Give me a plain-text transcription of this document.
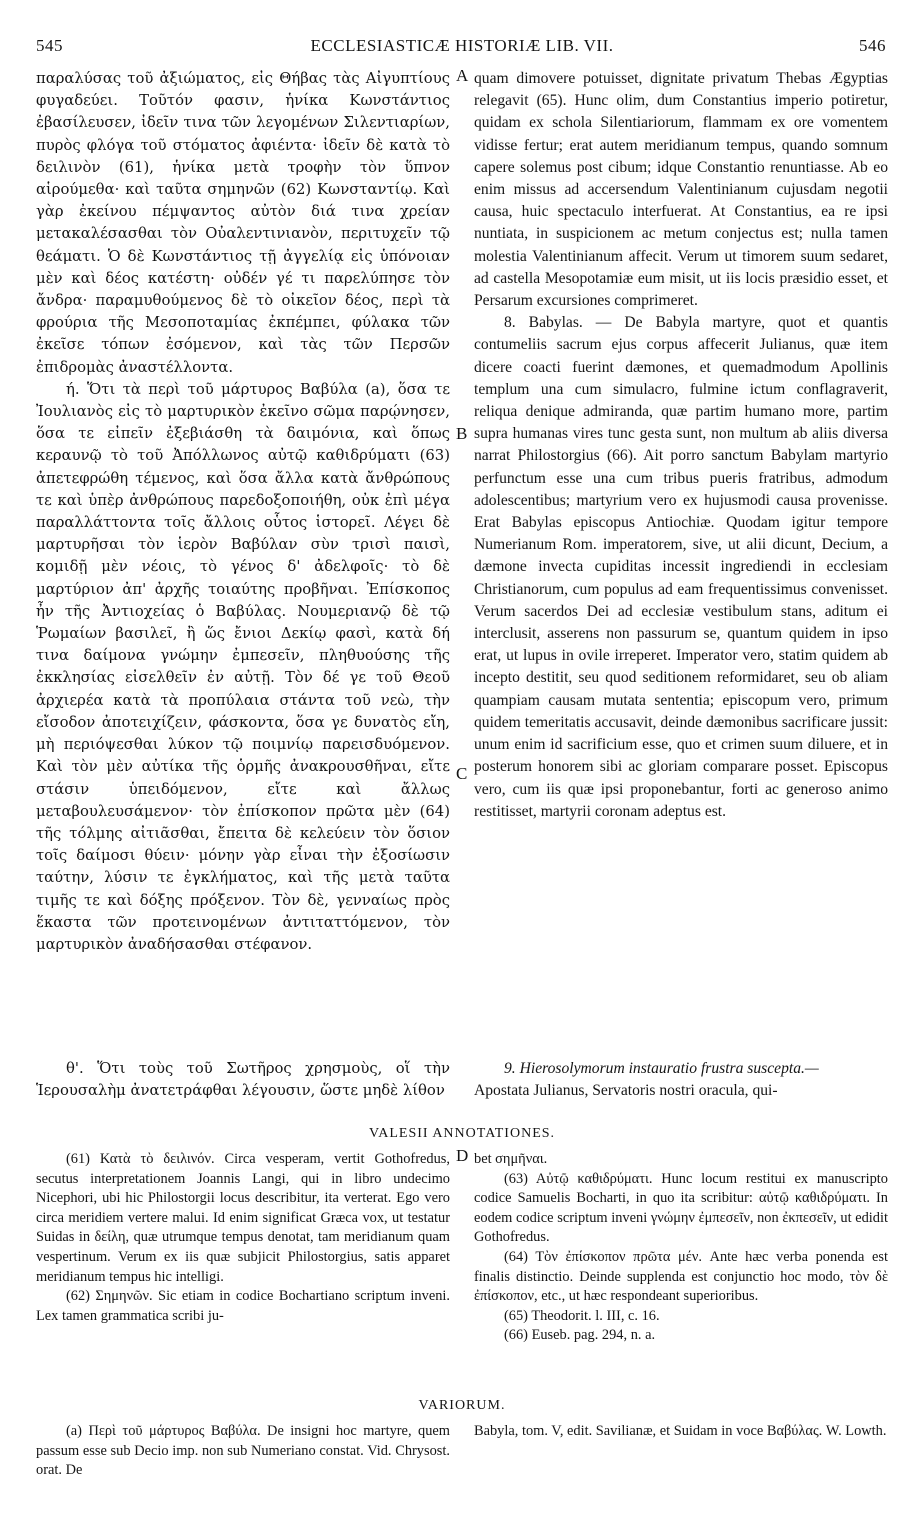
545	ECCLESIASTICÆ HISTORIÆ LIB. VII.	546
A
B
C
D

παραλύσας τοῦ ἀξιώματος, εἰς Θήβας τὰς Αἰγυπτίους φυγαδεύει. Τοῦτόν φασιν, ἡνίκα Κωνστάντιος ἐβασίλευσεν, ἰδεῖν τινα τῶν λεγομένων Σιλεντιαρίων, πυρὸς φλόγα τοῦ στόματος ἀφιέντα· ἰδεῖν δὲ κατὰ τὸ δειλινὸν (61), ἡνίκα μετὰ τροφὴν τὸν ὕπνον αἱρούμεθα· καὶ ταῦτα σημηνῶν (62) Κωνσταντίῳ. Καὶ γὰρ ἐκείνου πέμψαντος αὐτὸν διά τινα χρείαν μετακαλέσασθαι τὸν Οὐαλεντινιανὸν, περιτυχεῖν τῷ θεάματι. Ὁ δὲ Κωνστάντιος τῇ ἀγγελίᾳ εἰς ὑπόνοιαν μὲν καὶ δέος κατέστη· οὐδέν γέ τι παρελύπησε τὸν ἄνδρα· παραμυθούμενος δὲ τὸ οἰκεῖον δέος, περὶ τὰ φρούρια τῆς Μεσοποταμίας ἐκπέμπει, φύλακα τῶν ἐκεῖσε τόπων ἐσόμενον, καὶ τὰς τῶν Περσῶν ἐπιδρομὰς ἀναστέλλοντα.

ή. Ὅτι τὰ περὶ τοῦ μάρτυρος Βαβύλα (a), ὅσα τε Ἰουλιανὸς εἰς τὸ μαρτυρικὸν ἐκεῖνο σῶμα παρῴνησεν, ὅσα τε εἰπεῖν ἐξεβιάσθη τὰ δαιμόνια, καὶ ὅπως κεραυνῷ τὸ τοῦ Ἀπόλλωνος αὐτῷ καθιδρύματι (63) ἀπετεφρώθη τέμενος, καὶ ὅσα ἄλλα κατὰ ἄνθρώπους τε καὶ ὑπὲρ ἀνθρώπους παρεδοξοποιήθη, οὐκ ἐπὶ μέγα παραλλάττοντα τοῖς ἄλλοις οὗτος ἱστορεῖ. Λέγει δὲ μαρτυρῆσαι τὸν ἱερὸν Βαβύλαν σὺν τρισὶ παισὶ, κομιδῇ μὲν νέοις, τὸ γένος δ' ἀδελφοῖς· τὸ δὲ μαρτύριον ἀπ' ἀρχῆς τοιαύτης προβῆναι. Ἐπίσκοπος ἦν τῆς Ἀντιοχείας ὁ Βαβύλας. Νουμεριανῷ δὲ τῷ Ῥωμαίων βασιλεῖ, ἢ ὥς ἔνιοι Δεκίῳ φασὶ, κατὰ δή τινα δαίμονα γνώμην ἐμπεσεῖν, πληθυούσης τῆς ἐκκλησίας εἰσελθεῖν ἐν αὐτῇ. Τὸν δέ γε τοῦ Θεοῦ ἀρχιερέα κατὰ τὰ προπύλαια στάντα τοῦ νεὼ, τὴν εἴσοδον ἀποτειχίζειν, φάσκοντα, ὅσα γε δυνατὸς εἴη, μὴ περιόψεσθαι λύκον τῷ ποιμνίῳ παρεισδυόμενον. Καὶ τὸν μὲν αὐτίκα τῆς ὁρμῆς ἀνακρουσθῆναι, εἴτε στάσιν ὑπειδόμενον, εἴτε καὶ ἄλλως μεταβουλευσάμενον· τὸν ἐπίσκοπον πρῶτα μὲν (64) τῆς τόλμης αἰτιᾶσθαι, ἔπειτα δὲ κελεύειν τὸν ὅσιον τοῖς δαίμοσι θύειν· μόνην γὰρ εἶναι τὴν ἐξοσίωσιν ταύτην, λύσιν τε ἐγκλήματος, καὶ τῆς μετὰ ταῦτα τιμῆς τε καὶ δόξης πρόξενον. Τὸν δὲ, γενναίως πρὸς ἕκαστα τῶν προτεινομένων ἀντιταττόμενον, τὸν μαρτυρικὸν ἀναδήσασθαι στέφανον.

quam dimovere potuisset, dignitate privatum Thebas Ægyptias relegavit (65). Hunc olim, dum Constantius imperio potiretur, quidam ex schola Silentiariorum, flammam ex ore vomentem vidisse fertur; erat autem meridianum tempus, quando somnum capere solemus post cibum; idque Constantio renuntiasse. Ab eo enim missus ad accersendum Valentinianum cujusdam negotii causa, huic spectaculo interfuerat. At Constantius, ea re ipsi nuntiata, in suspicionem ac metum conjectus est; nulla tamen molestia Valentinianum affecit. Verum ut timorem suum sedaret, ad castella Mesopotamiæ eum misit, ut iis locis præsidio esset, et Persarum excursiones comprimeret.

8. Babylas. — De Babyla martyre, quot et quantis contumeliis sacrum ejus corpus affecerit Julianus, quæ item dicere coacti fuerint dæmones, et quemadmodum Apollinis templum una cum simulacro, fulmine ictum conflagraverit, reliqua denique admiranda, quæ partim humano more, partim supra humanas vires tunc gesta sunt, non multum ab aliis diversa narrat Philostorgius (66). Ait porro sanctum Babylam martyrio perfunctum esse una cum tribus pueris fratribus, admodum adolescentibus; martyrium vero ex hujusmodi causa provenisse. Erat Babylas episcopus Antiochiæ. Quodam igitur tempore Numerianum Rom. imperatorem, sive, ut alii dicunt, Decium, a dæmone invecta cupiditas incessit ingrediendi in ecclesiam Christianorum, cum populus ad eam frequentissimus convenisset. Verum sacerdos Dei ad ecclesiæ vestibulum stans, aditum ei interclusit, asserens non passurum se, quantum quidem in ipso erat, ut lupus in ovile irreperet. Imperator vero, statim quidem ab incepto destitit, seu quod seditionem reformidaret, seu ob aliam quampiam causam mutata sententia; episcopum vero, primum quidem temeritatis accusavit, deinde dæmonibus sacrificare jussit: unum enim id sacrificium esse, quo et crimen suum diluere, et in posterum honorem sibi ac gloriam comparare posset. Episcopus vero, cum iis quæ ipsi proponebantur, forti ac generoso animo restitisset, martyrii coronam adeptus est.

θ'. Ὅτι τοὺς τοῦ Σωτῆρος χρησμοὺς, οἵ τὴν Ἱερουσαλὴμ ἀνατετράφθαι λέγουσιν, ὥστε μηδὲ λίθον

9. Hierosolymorum instauratio frustra suscepta.—

Apostata Julianus, Servatoris nostri oracula, qui-

VALESII ANNOTATIONES.

(61) Κατὰ τὸ δειλινόν. Circa vesperam, vertit Gothofredus, secutus interpretationem Joannis Langi, qui in libro undecimo Nicephori, ubi hic Philostorgii locus describitur, ita verterat. Ego vero circa meridiem vertere malui. Id enim significat Græca vox, ut testatur Suidas in δείλη, quæ utrumque tempus denotat, tam meridianum quam vespertinum. Verum ex iis quæ subjicit Philostorgius, satis apparet meridianum tempus hic intelligi.

(62) Σημηνῶν. Sic etiam in codice Bochartiano scriptum inveni. Lex tamen grammatica scribi ju-

bet σημῆναι.

(63) Αὐτῷ καθιδρύματι. Hunc locum restitui ex manuscripto codice Samuelis Bocharti, in quo ita scribitur: αὐτῷ καθιδρύματι. In eodem codice scriptum inveni γνώμην ἐμπεσεῖν, non ἐκπεσεῖν, ut edidit Gothofredus.

(64) Τὸν ἐπίσκοπον πρῶτα μέν. Ante hæc verba ponenda est finalis distinctio. Deinde supplenda est conjunctio hoc modo, τὸν δὲ ἐπίσκοπον, etc., ut hæc respondeant superioribus.

(65) Theodorit. l. III, c. 16.

(66) Euseb. pag. 294, n. a.

VARIORUM.

(a) Περὶ τοῦ μάρτυρος Βαβύλα. De insigni hoc martyre, quem passum esse sub Decio imp. non sub Numeriano constat. Vid. Chrysost. orat. De

Babyla, tom. V, edit. Savilianæ, et Suidam in voce Βαβύλας. W. Lowth.
